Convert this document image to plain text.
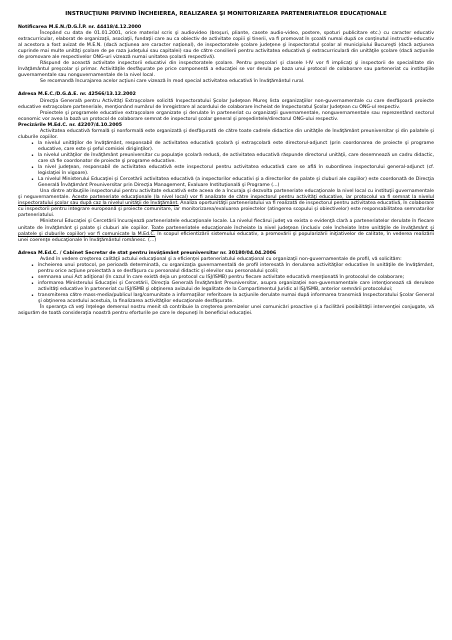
INSTRUCŢIUNI PRIVIND ÎNCHEIEREA, REALIZAREA ŞI MONITORIZAREA PARTENERIATELOR EDUCAŢIONALE

Notificarea M.E.N./D.G.Î.P. nr. 44418/4.12.2000

Începând cu data de 01.01.2001, orice material scris şi audiovideo (broşuri, pliante, casete audio-video, postere, spoturi publicitare etc.) cu caracter educativ extracurricular, elaborat de organizaţii, asociaţii, fundaţii care au ca obiectiv de activitate copiii şi tinerii, va fi promovat în şcoală numai după ce conţinutul instructiv-educativ al acestora a fost avizat de M.E.N. (dacă acţiunea are caracter naţional), de inspectoratele şcolare judeţene şi inspectoratul şcolar al municipiului Bucureşti (dacă acţiunea cuprinde mai multe unităţi şcolare de pe raza judeţului sau capitalei) sau de către consilierii pentru activitatea educativă şi extracurriculară din unităţile şcolare (dacă acţiunile de promovare ale respectivelor ONG-uri vizează numai unitatea şcolară respectivă).

Răspund de această activitate inspectorii educativi din inspectoratele şcolare. Pentru preşcolari şi clasele I-IV vor fi implicaţi şi inspectorii de specialitate din învăţământul preşcolar şi primar. Activităţile desfăşurate pe price componentă a educaţiei se vor derula pe baza unui protocol de colaborare sau parteneriat cu instituţiile guvernamentale sau nonguvernamentale de la nivel local.

Se recomandă încurajarea acelor acţiuni care vizează în mod special activitatea educativă în învăţământul rural.

Adresa M.E.C./D.G.A.E. nr. 42566/13.12.2002

Direcţia Generală pentru Activităţi Extraşcolare solicită Inspectoratului Şcolar Judeţean Mureş lista organizaţiilor non-guvernamentale cu care desfăşoară proiecte educative extraşcolare parteneriale, menţionând numărul de înregistrare al acordului de colaborare încheiat de Inspectoratul Şcolar Judeţean cu ONG-ul respectiv.

Proiectele şi programele educative extraşcolare organizate şi derulate în parteneriat cu organizaţii guvernamentale, nonguvernamentale sau reprezentând sectorul economic vor avea la bază un protocol de colaborare semnat de inspectorul şcolar general şi preşedintele/directorul ONG-ului respectiv.

Precizările M.Ed.C. nr. 42207/4.10.2005

Activitatea educativă formală şi nonformală este organizată şi desfăşurată de către toate cadrele didactice din unităţile de învăţământ preuniversitar şi din palatele şi cluburile copiilor.

• la nivelul unităţilor de învăţământ, responsabil de activitatea educativă şcolară şi extraşcolară este directorul-adjunct (prin coordonarea de proiecte şi programe educative, care este şi şeful comisiei diriginţilor).
• la nivelul unităţilor de învăţământ preuniversitar cu populaţie şcolară redusă, de activitatea educativă răspunde directorul unităţii, care desemnează un cadru didactic, care să fie coordonator de proiecte şi programe educative.
• la nivel judeţean, responsabil de activitatea educativă este inspectorul pentru activitatea educativă care se află în subordinea inspectorului general-adjunct (cf. legislaţiei în vigoare).
• La nivelul Ministerului Educaţiei şi Cercetării activitatea educativă (a inspectorilor educativi şi a directorilor de palate şi cluburi ale copiilor) este coordonată de Direcţia Generală Învăţământ Preuniversitar prin Direcţia Management, Evaluare Instituţională şi Programe (...)

Una dintre atribuţiile inspectorului pentru activitate educativă este aceea de a încuraja şi dezvolta parteneriate educaţionale la nivel local cu instituţii guvernamentale şi neguvernamentale. Aceste parteneriate educaţionale (la nivel local) vor fi analizate de către inspectorul pentru activităţi educative, iar protocolul va fi semnat la nivelul inspectoratului şcolar sau după caz la nivelul unităţii de învăţământ. Analiza oportunităţii parteneriatului va fi realizată de inspectorul pentru activitatea educativă, în colaborare cu inspectorii pentru integrare europeană şi proiecte comunitare, iar monitorizarea/evaluarea proiectelor (atingerea scopului şi obiectivelor) este responsabilitatea semnatarilor parteneriatului.

Ministerul Educaţiei şi Cercetării încurajează parteneriatele educaţionale locale. La nivelul fiecărui judeţ va exista o evidenţă clară a parteneriatelor derulate în fiecare unitate de învăţământ şi palate şi cluburi ale copiilor. Toate parteneriatele educaţionale încheiate la nivel judeţean (inclusiv cele încheiate între unităţile de învăţământ şi palatele şi cluburile copiilor) vor fi comunicate la M.Ed.C. în scopul eficientizării sistemului educativ, a promovării şi popularizării iniţiativelor de calitate, în vederea realizării unei coerenţe educaţionale în învăţământul românesc. (...)

Adresa M.Ed.C. / Cabinet Secretar de stat pentru învăţământ preuniversitar nr. 30180/04.04.2006

Având în vedere creşterea calităţii actului educaţional şi a eficienţei parteneriatului educaţional cu organizaţii non-guvernamentale de profil, vă solicităm:

• încheierea unui protocol, pe perioadă determinată, cu organizaţia guvernamentală de profil interesată în derularea activităţilor educative în unităţile de învăţământ, pentru orice acţiune proiectată a se desfăşura cu personalul didactic şi elevilor sau personalului şcolii;
• semnarea unui Act adiţional (în cazul în care există deja un protocol cu ISJ/ISMB) pentru fiecare activitate educativă menţionată în protocolul de colaborare;
• informarea Ministerului Educaţiei şi Cercetării, Direcţia Generală Învăţământ Preuniversitar, asupra organizaţiei non-guvernamentale care intenţionează să deruleze activităţi educative în parteneriat cu ISJ/ISMB şi obţinerea avizului de legalitate de la Compartimentul Juridic al ISJ/ISMB, anterior semnării protocolului;
• transmiterea către mass-media/publicul larg/comunitate a informaţiilor referitoare la acţiunile derulate numai după informarea transmisă Inspectoratului Şcolar General şi obţinerea acordului acestuia, la finalizarea activităţilor educaţionale desfăşurate.

În speranţa că veţi înţelege demersul nostru menit să contribuie la creşterea premizelor unei comunicări proactive şi a facilitării posibilităţii intervenţiei conjugate, vă asigurăm de toată consideraţia noastră pentru eforturile pe care le depuneţi în beneficiul educaţiei.
